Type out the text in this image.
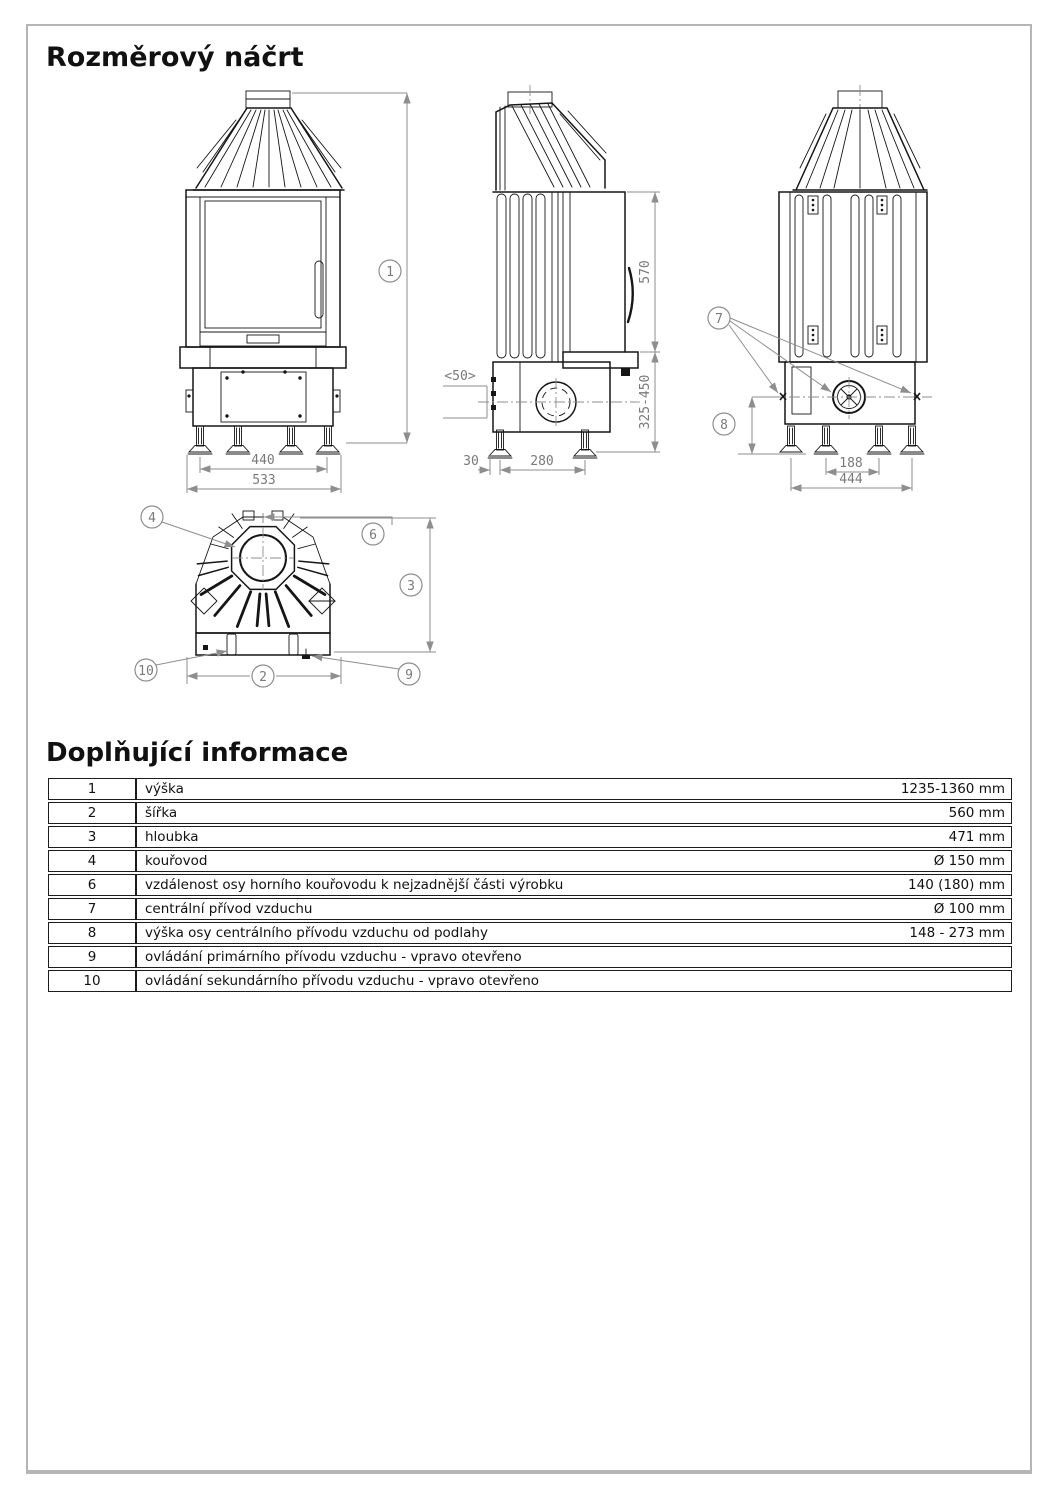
Rozměrový náčrt
440
533
1
<50>
30	280
570
325-450
7
8
188
444
4
6
3
2
10	9
Doplňující informace
1	výška 1235-1360 mm

2	šířka 560 mm

3	hloubka 471 mm

4	kouřovod Ø 150 mm

6	vzdálenost osy horního kouřovodu k nejzadnější části výrobku 140 (180) mm

7	centrální přívod vzduchu Ø 100 mm

8	výška osy centrálního přívodu vzduchu od podlahy 148 - 273 mm

9	ovládání primárního přívodu vzduchu - vpravo otevřeno

10	ovládání sekundárního přívodu vzduchu - vpravo otevřeno
